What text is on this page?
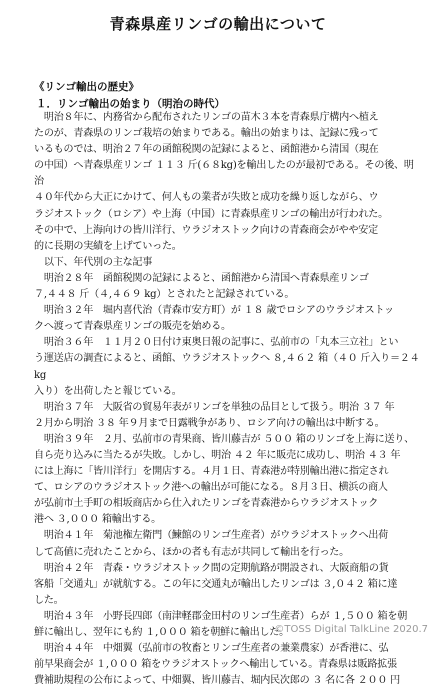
青森県産リンゴの輸出について
《リンゴ輸出の歴史》
１．リンゴ輸出の始まり（明治の時代）

　明治８年に、内務省から配布されたリンゴの苗木３本を青森県庁構内へ植え
たのが、青森県のリンゴ栽培の始まりである。輸出の始まりは、記録に残って
いるものでは、明治２７年の函館税関の記録によると、函館港から清国（現在
の中国）へ青森県産リンゴ １１３ 斤(６８kg)を輸出したのが最初である。その後、明治
４０年代から大正にかけて、何人もの業者が失敗と成功を繰り返しながら、ウ
ラジオストック（ロシア）や上海（中国）に青森県産リンゴの輸出が行われた。
その中で、上海向けの皆川洋行、ウラジオストック向けの青森商会がやや安定
的に長期の実績を上げていった。

　以下、年代別の主な記事

　明治２８年　函館税関の記録によると、函館港から清国へ青森県産リンゴ
７,４４８ 斤（４,４６９ kg）とされたと記録されている。

　明治３２年　堀内喜代治（青森市安方町）が １８ 歳でロシアのウラジオストッ
クへ渡って青森県産リンゴの販売を始める。

　明治３６年　１１月２０日付け東奥日報の記事に、弘前市の「丸本三立社」とい
う運送店の調査によると、函館、ウラジオストックへ ８,４６２ 箱（４０ 斤入り＝２４kg
入り）を出荷したと報じている。

　明治３７年　大阪省の貿易年表がリンゴを単独の品目として扱う。明治 ３７ 年
２月から明治 ３８ 年９月まで日露戦争があり、ロシア向けの輸出は中断する。

　明治３９年　２月、弘前市の青果商、皆川藤吉が ５００ 箱のリンゴを上海に送り、
自ら売り込みに当たるが失敗。しかし、明治 ４２ 年に販売に成功し、明治 ４３ 年
には上海に「皆川洋行」を開店する。４月１日、青森港が特別輸出港に指定され
て、ロシアのウラジオストック港への輸出が可能になる。８月３日、横浜の商人
が弘前市土手町の相坂商店から仕入れたリンゴを青森港からウラジオストック
港へ ３,０００ 箱輸出する。

　明治４１年　菊池権左衛門（鰊館のリンゴ生産者）がウラジオストックへ出荷
して高値に売れたことから、ほかの者も有志が共同して輸出を行った。

　明治４２年　青森・ウラジオストック間の定期航路が開設され、大阪商船の貨
客船「交通丸」が就航する。この年に交通丸が輸出したリンゴは ３,０４２ 箱に達
した。

　明治４３年　小野長四郎（南津軽郡金田村のリンゴ生産者）らが １,５００ 箱を朝
鮮に輸出し、翌年にも約 １,０００ 箱を朝鮮に輸出した。

　明治４４年　中畑翼（弘前市の牧畜とリンゴ生産者の兼業農家）が香港に、弘
前早果商会が １,０００ 箱をウラジオストックへ輸出している。青森県は販路拡張
費補助規程の公布によって、中畑翼、皆川藤吉、堀内民次郎の ３ 名に各 ２００ 円

©TOSS Digital TalkLine 2020.7
